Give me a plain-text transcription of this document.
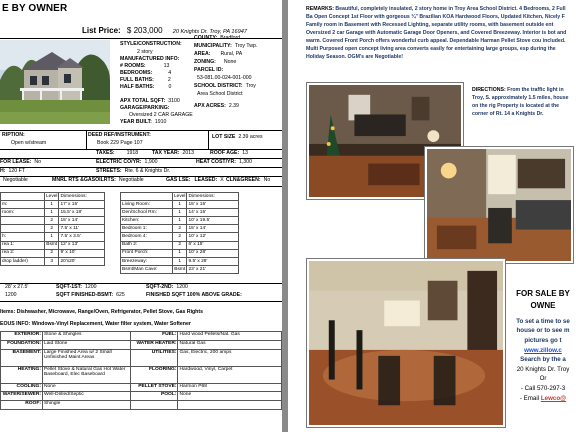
E BY OWNER
List Price: $ 203,000 20 Knights Dr. Troy, PA 16947
STYLE/CONSTRUCTION:
2 story
MANUFACTURED INFO:
# ROOMS:	13
BEDROOMS:	4
FULL BATHS:	2
HALF BATHS:	0
COUNTY: Bradford
MUNICIPALITY: Troy Twp.
AREA: Rural, PA
ZONING: None
PARCEL ID:
53-081.00-024-001-000
SCHOOL DISTRICT: Troy
Area School District
APX TOTAL SQFT: 3100
APX ACRES: 2.39
GARAGE/PARKING:
Oversized 2 CAR GARAGE
YEAR BUILT: 1910
RIPTION:
Open w/stream
DEED REF/INSTRUMENT:
Book 229 Page 107
LOT SIZE 2.39 acres
TAXES: 1918	TAX YEAR: 2013	ROOF AGE: 13
FOR LEASE: No	ELECTRIC CO/YR: 1,900	HEAT COST/YR: 1,300
H: 120 FT	STREETS: Rte. 6 & Knights Dr.
Negotiable	MNRL RTS &GASOILRTS: Negotiable	GAS LSE: LEASED: X CLN&GREEN: No
	Level	Dimensions:
m:	1	17' x 15'
room:	1	15.5' x 18'
	2	15' x 14'
	2	7.5' x 11'
h:	1	7.5' x 3.5'
rea 1:	Bsmt	12' x 13'
rea 2:	2	9' x 10'
drop ladder)	3	20'x20'
	Level	Dimensions:
Living Room:	1	15' x 15'
Den/School Rm:	1	14' x 15'
Kitchen:	1	10' x 19.5'
Bedroom 1:	2	15' x 14'
Bedroom 4:	2	10' x 12'
Bath 2:	2	6' x 15'
Front Porch:	1	10' x 28'
Breezeway:	1	9.5' x 28'
Bsmt/Man Cave:	Bsmt	23' x 21'
28' x 27.5'	SQFT-1ST: 1200	SQFT-2ND: 1200
1200	SQFT FINISHED-BSMT: 625	FINISHED SQFT 100% ABOVE GRADE:
Items: Dishwasher, Microwave, Range/Oven, Refrigerator, Pellet Stove, Gas Rights
EOUS INFO: Windows-Vinyl Replacement, Water filter system, Water Softener
EXTERIOR:	Stone & Shingles	FUEL:	Hard wood Pellets/Nat. Gas
FOUNDATION:	Laid Stone	WATER HEATER:	Natural Gas
BASEMENT:	Large Finished Area w/ 2 Small Unfinished Maint Areas	UTILITIES:	Gas, Electric, 200 amps
HEATING:	Pellet Stove & Natural Gas Hot Water Baseboard, Elec Baseboard	FLOORING:	Hardwood, Vinyl, Carpet
COOLING:	None	PELLET STOVE:	Harmon P68
WATER/SEWER:	Well-Drilled/Septic	POOL:	None
ROOF:	Shingle		
REMARKS: Beautiful, completely insulated, 2 story home in Troy Area School District. 4 Bedrooms, 2 Full Ba Open Concept 1st Floor with gorgeous ¾" Brazilian KOA Hardwood Floors, Updated Kitchen, Nicely F Family room in Basement with Recessed Lighting, separate utility rooms, with basement outside ent Oversized 2 car Garage with Automatic Garage Door Openers, and Covered Breezeway. Interior is bot and warm. Covered Front Porch offers wonderful curb appeal. Dependable Harman Pellet Stove cou included. Multi Purposed open concept living area converts easily for entertaining large groups, esp during the Holiday Season. OGM's are Negotiable!
DIRECTIONS: From the traffic light in Troy, S. approximately 1.5 miles, house on the rig Property is located at the corner of Rt. 14 a Knights Dr.
FOR SALE BY OWNE
To set a time to se
house or to see m
pictures go t
www.zillow.c
Search by the a
20 Knights Dr. Troy
Or
- Call 570-297-3
- Email Lewco@
